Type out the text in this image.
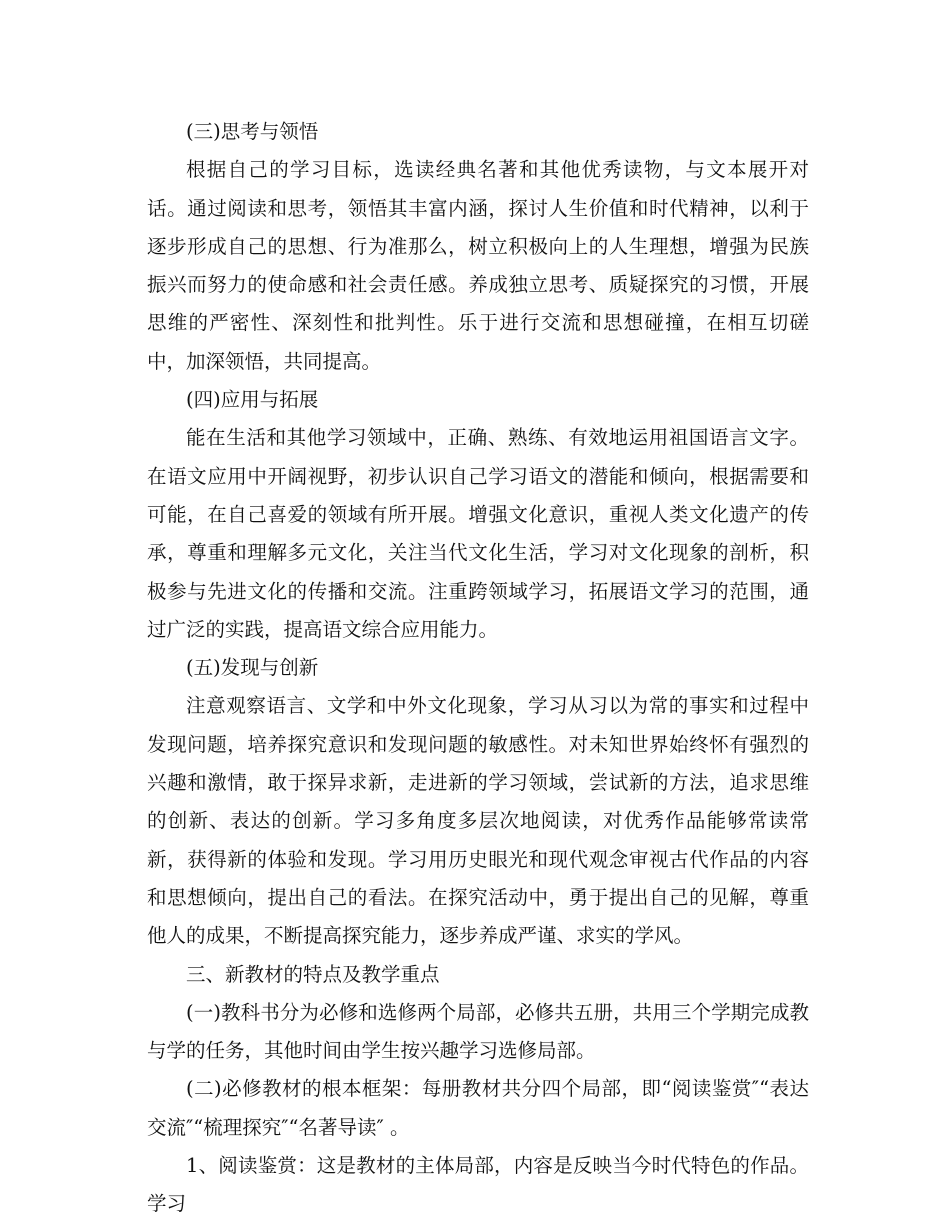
(三)思考与领悟

根据自己的学习目标，选读经典名著和其他优秀读物，与文本展开对话。通过阅读和思考，领悟其丰富内涵，探讨人生价值和时代精神，以利于逐步形成自己的思想、行为准那么，树立积极向上的人生理想，增强为民族振兴而努力的使命感和社会责任感。养成独立思考、质疑探究的习惯，开展思维的严密性、深刻性和批判性。乐于进行交流和思想碰撞，在相互切磋中，加深领悟，共同提高。

(四)应用与拓展

能在生活和其他学习领域中，正确、熟练、有效地运用祖国语言文字。在语文应用中开阔视野，初步认识自己学习语文的潜能和倾向，根据需要和可能，在自己喜爱的领域有所开展。增强文化意识，重视人类文化遗产的传承，尊重和理解多元文化，关注当代文化生活，学习对文化现象的剖析，积极参与先进文化的传播和交流。注重跨领域学习，拓展语文学习的范围，通过广泛的实践，提高语文综合应用能力。

(五)发现与创新

注意观察语言、文学和中外文化现象，学习从习以为常的事实和过程中发现问题，培养探究意识和发现问题的敏感性。对未知世界始终怀有强烈的兴趣和激情，敢于探异求新，走进新的学习领域，尝试新的方法，追求思维的创新、表达的创新。学习多角度多层次地阅读，对优秀作品能够常读常新，获得新的体验和发现。学习用历史眼光和现代观念审视古代作品的内容和思想倾向，提出自己的看法。在探究活动中，勇于提出自己的见解，尊重他人的成果，不断提高探究能力，逐步养成严谨、求实的学风。

三、新教材的特点及教学重点

(一)教科书分为必修和选修两个局部，必修共五册，共用三个学期完成教与学的任务，其他时间由学生按兴趣学习选修局部。

(二)必修教材的根本框架：每册教材共分四个局部，即“阅读鉴赏″“表达交流″“梳理探究″“名著导读″ 。

1、阅读鉴赏：这是教材的主体局部，内容是反映当今时代特色的作品。学习
